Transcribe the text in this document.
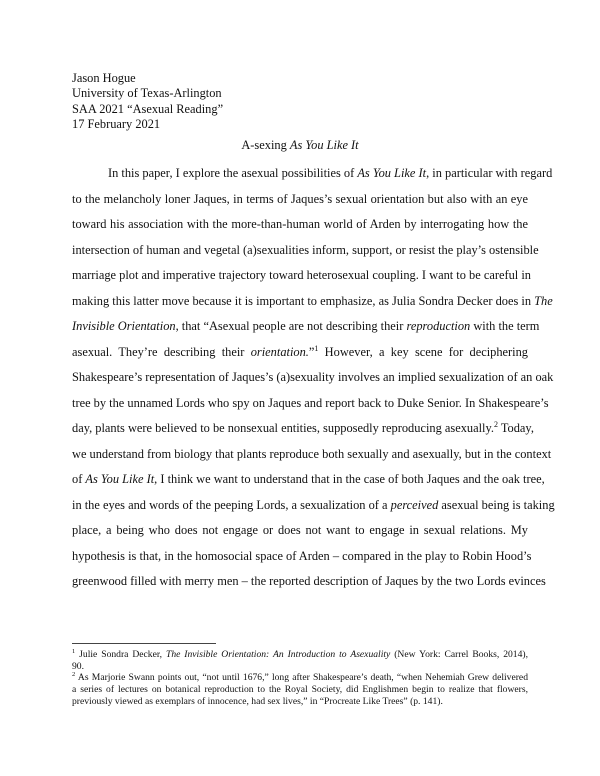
Jason Hogue
University of Texas-Arlington
SAA 2021 “Asexual Reading”
17 February 2021
A-sexing As You Like It
In this paper, I explore the asexual possibilities of As You Like It, in particular with regard
to the melancholy loner Jaques, in terms of Jaques’s sexual orientation but also with an eye
toward his association with the more-than-human world of Arden by interrogating how the
intersection of human and vegetal (a)sexualities inform, support, or resist the play’s ostensible
marriage plot and imperative trajectory toward heterosexual coupling. I want to be careful in
making this latter move because it is important to emphasize, as Julia Sondra Decker does in The
Invisible Orientation, that “Asexual people are not describing their reproduction with the term
asexual. They’re describing their orientation.”$^1$ However, a key scene for deciphering
Shakespeare’s representation of Jaques’s (a)sexuality involves an implied sexualization of an oak
tree by the unnamed Lords who spy on Jaques and report back to Duke Senior. In Shakespeare’s
day, plants were believed to be nonsexual entities, supposedly reproducing asexually.$^2$ Today,
we understand from biology that plants reproduce both sexually and asexually, but in the context
of As You Like It, I think we want to understand that in the case of both Jaques and the oak tree,
in the eyes and words of the peeping Lords, a sexualization of a perceived asexual being is taking
place, a being who does not engage or does not want to engage in sexual relations. My
hypothesis is that, in the homosocial space of Arden – compared in the play to Robin Hood’s
greenwood filled with merry men – the reported description of Jaques by the two Lords evinces
$^1$ Julie Sondra Decker, The Invisible Orientation: An Introduction to Asexuality (New York: Carrel Books, 2014),
90.
$^2$ As Marjorie Swann points out, “not until 1676,” long after Shakespeare’s death, “when Nehemiah Grew delivered
a series of lectures on botanical reproduction to the Royal Society, did Englishmen begin to realize that flowers,
previously viewed as exemplars of innocence, had sex lives,” in “Procreate Like Trees” (p. 141).
